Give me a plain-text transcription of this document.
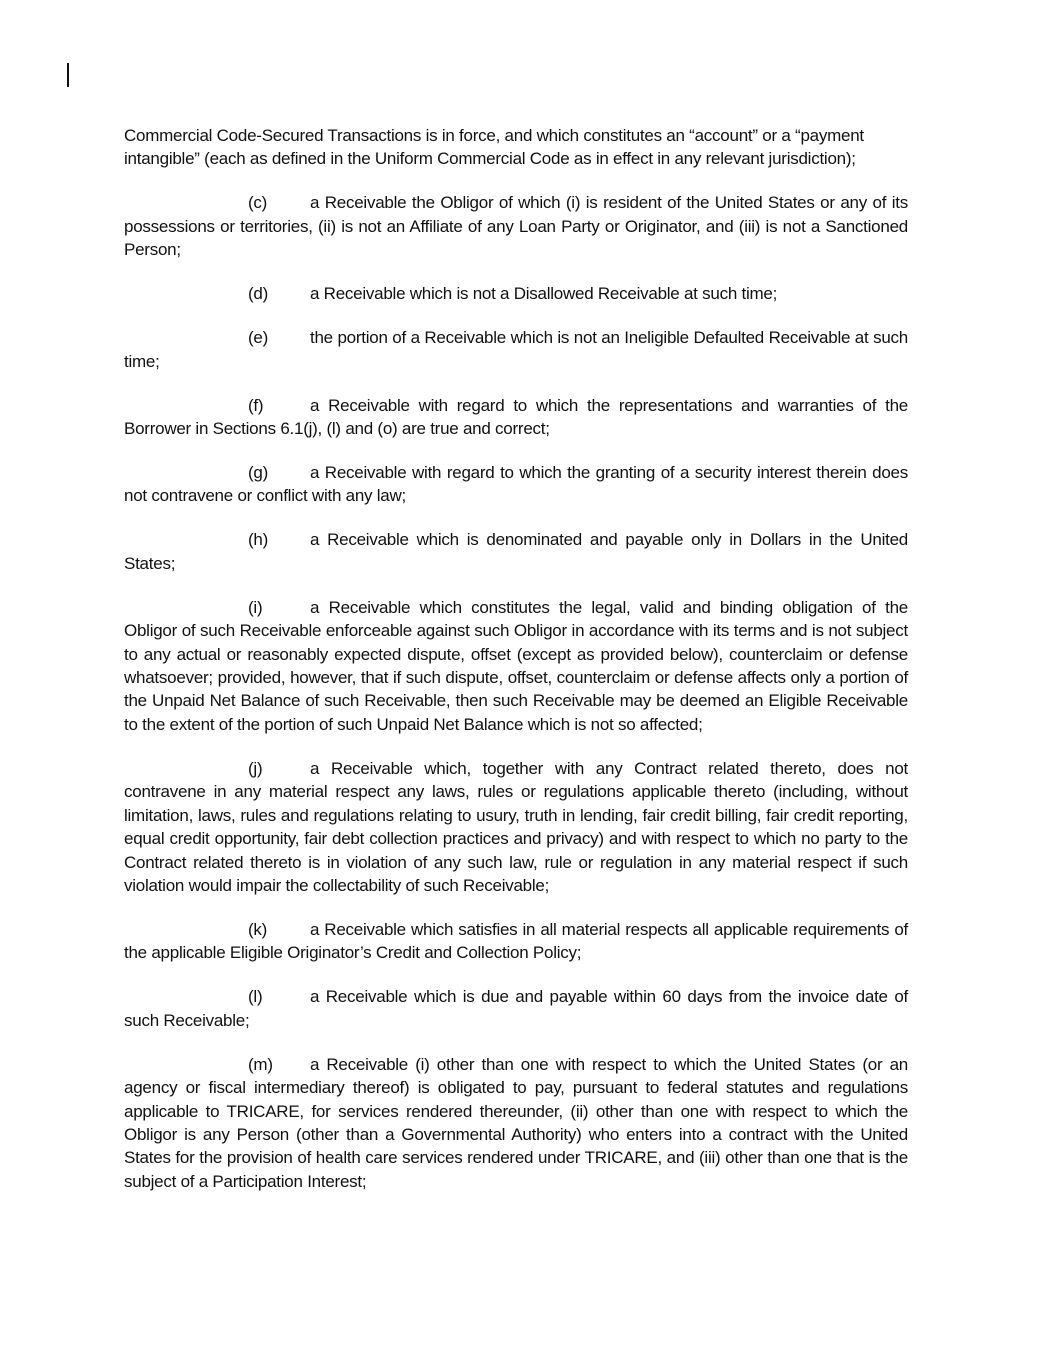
Commercial Code-Secured Transactions is in force, and which constitutes an “account” or a “payment intangible” (each as defined in the Uniform Commercial Code as in effect in any relevant jurisdiction);

(c)	a Receivable the Obligor of which (i) is resident of the United States or any of its possessions or territories, (ii) is not an Affiliate of any Loan Party or Originator, and (iii) is not a Sanctioned Person;

(d) a Receivable which is not a Disallowed Receivable at such time;

(e) the portion of a Receivable which is not an Ineligible Defaulted Receivable at such time;

(f)	a Receivable with regard to which the representations and warranties of the Borrower in Sections 6.1(j), (l) and (o) are true and correct;

(g) a Receivable with regard to which the granting of a security interest therein does not contravene or conflict with any law;

(h) a Receivable which is denominated and payable only in Dollars in the United States;

(i)	a Receivable which constitutes the legal, valid and binding obligation of the Obligor of such Receivable enforceable against such Obligor in accordance with its terms and is not subject to any actual or reasonably expected dispute, offset (except as provided below), counterclaim or defense whatsoever; provided, however, that if such dispute, offset, counterclaim or defense affects only a portion of the Unpaid Net Balance of such Receivable, then such Receivable may be deemed an Eligible Receivable to the extent of the portion of such Unpaid Net Balance which is not so affected;

(j)	a Receivable which, together with any Contract related thereto, does not contravene in any material respect any laws, rules or regulations applicable thereto (including, without limitation, laws, rules and regulations relating to usury, truth in lending, fair credit billing, fair credit reporting, equal credit opportunity, fair debt collection practices and privacy) and with respect to which no party to the Contract related thereto is in violation of any such law, rule or regulation in any material respect if such violation would impair the collectability of such Receivable;

(k)	a Receivable which satisfies in all material respects all applicable requirements of the applicable Eligible Originator’s Credit and Collection Policy;

(l)	a Receivable which is due and payable within 60 days from the invoice date of such Receivable;

(m) a Receivable (i) other than one with respect to which the United States (or an agency or fiscal intermediary thereof) is obligated to pay, pursuant to federal statutes and regulations applicable to TRICARE, for services rendered thereunder, (ii) other than one with respect to which the Obligor is any Person (other than a Governmental Authority) who enters into a contract with the United States for the provision of health care services rendered under TRICARE, and (iii) other than one that is the subject of a Participation Interest;
